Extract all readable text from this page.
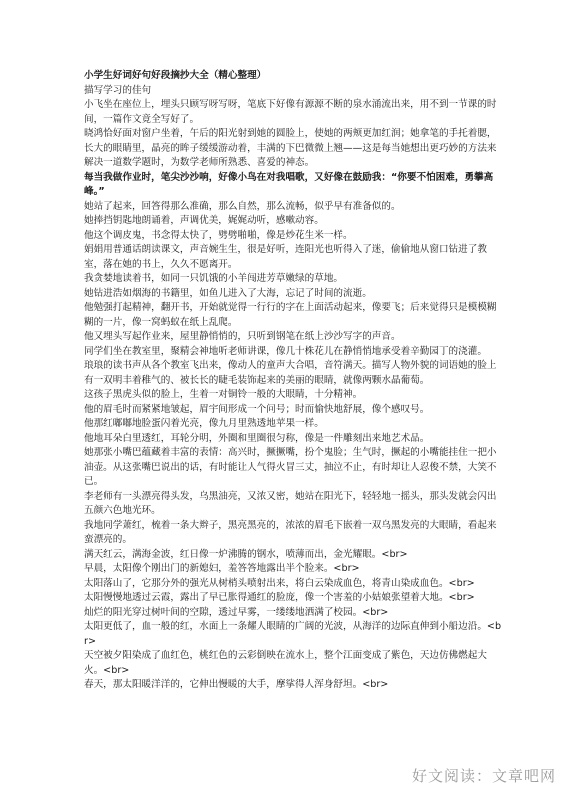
小学生好词好句好段摘抄大全（精心整理）

描写学习的佳句

小飞坐在座位上，埋头只顾写呀写呀，笔底下好像有源源不断的泉水涌流出来，用不到一节课的时间，一篇作文竟全写好了。

晓鸿恰好面对窗户坐着，午后的阳光射到她的圆脸上，使她的两颊更加红润；她拿笔的手托着腮，长大的眼睛里，晶亮的眸子缓缓游动着，丰满的下巴微微上翘——这是每当她想出更巧妙的方法来解决一道数学题时，为数学老师所熟悉、喜爱的神态。

每当我做作业时，笔尖沙沙响，好像小鸟在对我唱歌，又好像在鼓励我：“你要不怕困难，勇攀高峰。”

她站了起来，回答得那么准确，那么自然，那么流畅，似乎早有准备似的。

她捧挡钥匙地朗诵着，声调优美，娓娓动听，感嗽动容。

他这个调皮鬼，书念得太快了，劈劈啪啪，像是炒花生米一样。

娟娟用普通话朗读课文，声音婉生生，很是好听，连阳光也听得入了迷，偷偷地从窗口钻进了教室，落在她的书上，久久不愿离开。

我贪婪地读着书，如同一只饥饿的小羊闯进芳草嫩绿的草地。

她钻进浩如烟海的书籍里，如鱼儿进入了大海，忘记了时间的流逝。

他勉强打起精神，翻开书，开始就觉得一行行的字在上面活动起来，像要飞；后来觉得只是模模糊糊的一片，像一窝蚂蚁在纸上乱爬。

他又埋头写起作业来，屋里静悄悄的，只听到钢笔在纸上沙沙写字的声音。

同学们坐在教室里，聚精会神地听老师讲课，像几十株花儿在静悄悄地承受着辛勤园丁的浇灌。

琅琅的读书声从各个教室飞出来，像动人的童声大合唱，音符满天。描写人物外貌的词语她的脸上有一双明丰着稚气的、被长长的睫毛装饰起来的美丽的眼睛，就像两颗水晶葡萄。

这孩子黑虎头似的脸上，生着一对铜铃一般的大眼睛，十分精神。

他的眉毛时而紧紧地皱起，眉宇间形成一个问号；时而愉快地舒展，像个感叹号。

他那红嘟嘟地脸蛋闪着光亮，像九月里熟透地苹果一样。

他地耳朵白里透红，耳轮分明，外圈和里圈很匀称，像是一件雕刻出来地艺术品。

她那张小嘴巴蕴藏着丰富的表情：高兴时，撅撅嘴，扮个鬼脸；生气时，撅起的小嘴能挂住一把小油壶。从这张嘴巴说出的话，有时能让人气得火冒三丈，抽泣不止，有时却让人忍俊不禁，大笑不已。

李老师有一头漂亮得头发，乌黑油亮，又浓又密，她站在阳光下，轻轻地一摇头，那头发就会闪出五颜六色地光环。

我地同学萧红，梳着一条大辫子，黑亮黑亮的，浓浓的眉毛下嵌着一双乌黑发亮的大眼睛，看起来蛮漂亮的。

满天红云，满海金波，红日像一炉沸腾的钢水，喷薄而出，金光耀眼。<br>

早晨，太阳像个刚出门的新媳妇，羞答答地露出半个脸来。<br>

太阳落山了，它那分外的强光从树梢头喷射出来，将白云染成血色，将青山染成血色。<br>

太阳慢慢地透过云霞，露出了早已胀得通红的脸庞，像一个害羞的小姑娘张望着大地。<br>

灿烂的阳光穿过树叶间的空隙，透过早雾，一缕缕地洒满了校园。<br>

太阳更低了，血一般的红，水面上一条耀人眼睛的广阔的光波，从海洋的边际直伸到小船边沿。<br>

天空被夕阳染成了血红色，桃红色的云彩倒映在流水上，整个江面变成了紫色，天边仿佛燃起大火。<br>

春天，那太阳暖洋洋的，它伸出慢暖的大手，摩挲得人浑身舒坦。<br>

好文阅读：文章吧网
